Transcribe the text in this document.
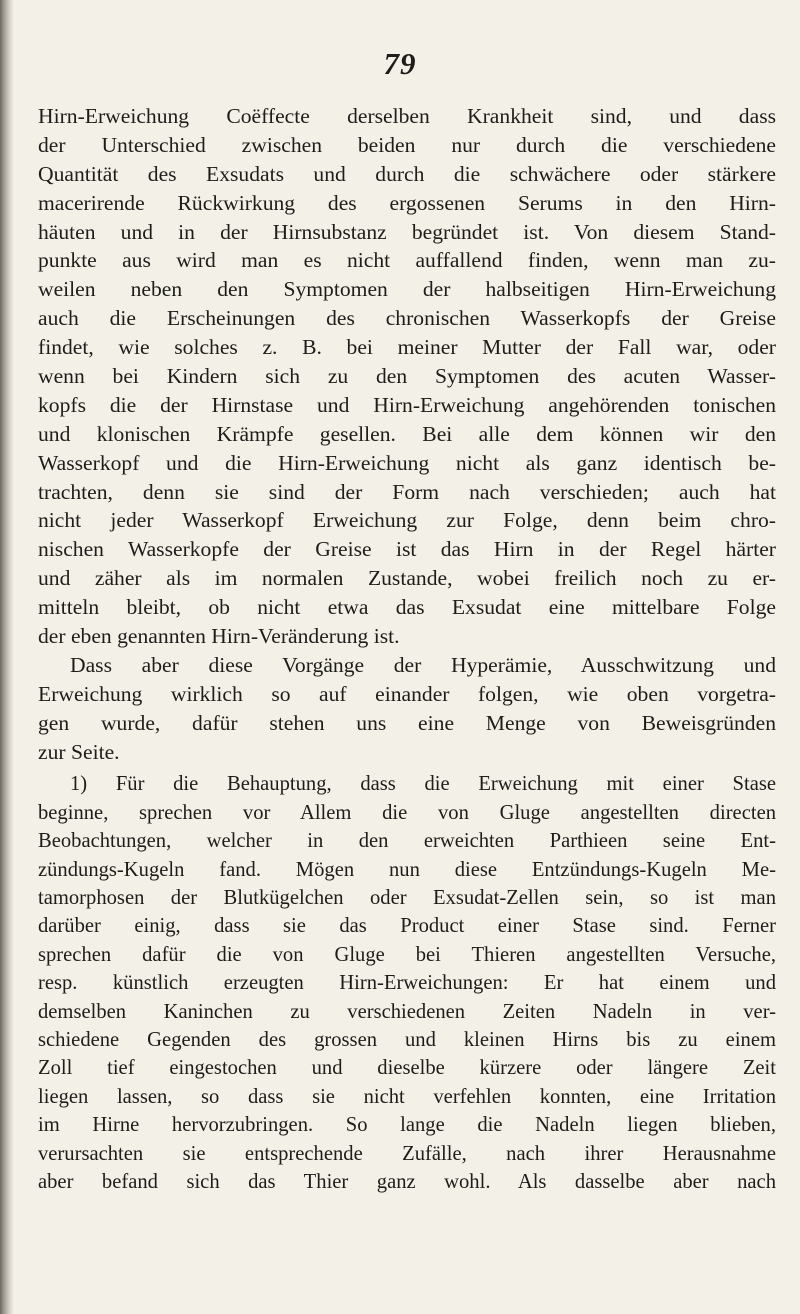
79
Hirn-Erweichung Coëffecte derselben Krankheit sind, und dass
der Unterschied zwischen beiden nur durch die verschiedene
Quantität des Exsudats und durch die schwächere oder stärkere
macerirende Rückwirkung des ergossenen Serums in den Hirn-
häuten und in der Hirnsubstanz begründet ist. Von diesem Stand-
punkte aus wird man es nicht auffallend finden, wenn man zu-
weilen neben den Symptomen der halbseitigen Hirn-Erweichung
auch die Erscheinungen des chronischen Wasserkopfs der Greise
findet, wie solches z. B. bei meiner Mutter der Fall war, oder
wenn bei Kindern sich zu den Symptomen des acuten Wasser-
kopfs die der Hirnstase und Hirn-Erweichung angehörenden tonischen
und klonischen Krämpfe gesellen. Bei alle dem können wir den
Wasserkopf und die Hirn-Erweichung nicht als ganz identisch be-
trachten, denn sie sind der Form nach verschieden; auch hat
nicht jeder Wasserkopf Erweichung zur Folge, denn beim chro-
nischen Wasserkopfe der Greise ist das Hirn in der Regel härter
und zäher als im normalen Zustande, wobei freilich noch zu er-
mitteln bleibt, ob nicht etwa das Exsudat eine mittelbare Folge
der eben genannten Hirn-Veränderung ist.
Dass aber diese Vorgänge der Hyperämie, Ausschwitzung und
Erweichung wirklich so auf einander folgen, wie oben vorgetra-
gen wurde, dafür stehen uns eine Menge von Beweisgründen
zur Seite.
1) Für die Behauptung, dass die Erweichung mit einer Stase
beginne, sprechen vor Allem die von Gluge angestellten directen
Beobachtungen, welcher in den erweichten Parthieen seine Ent-
zündungs-Kugeln fand. Mögen nun diese Entzündungs-Kugeln Me-
tamorphosen der Blutkügelchen oder Exsudat-Zellen sein, so ist man
darüber einig, dass sie das Product einer Stase sind. Ferner
sprechen dafür die von Gluge bei Thieren angestellten Versuche,
resp. künstlich erzeugten Hirn-Erweichungen: Er hat einem und
demselben Kaninchen zu verschiedenen Zeiten Nadeln in ver-
schiedene Gegenden des grossen und kleinen Hirns bis zu einem
Zoll tief eingestochen und dieselbe kürzere oder längere Zeit
liegen lassen, so dass sie nicht verfehlen konnten, eine Irritation
im Hirne hervorzubringen. So lange die Nadeln liegen blieben,
verursachten sie entsprechende Zufälle, nach ihrer Herausnahme
aber befand sich das Thier ganz wohl. Als dasselbe aber nach
